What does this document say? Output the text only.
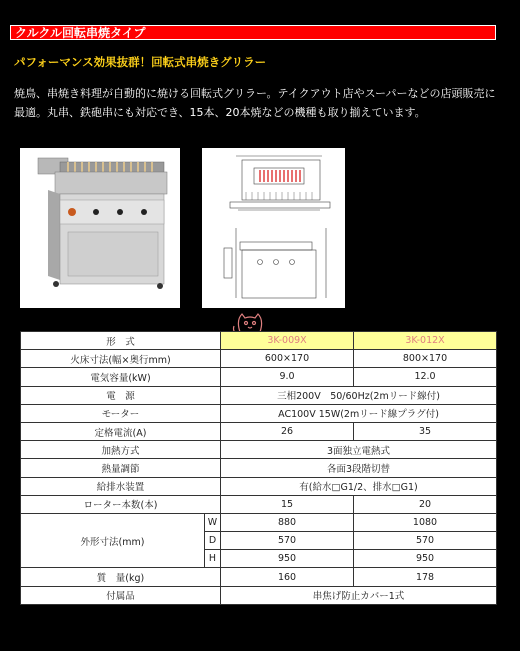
クルクル回転串焼タイプ
パフォーマンス効果抜群！回転式串焼きグリラー
焼鳥、串焼き料理が自動的に焼ける回転式グリラー。テイクアウト店やスーパーなどの店頭販売に最適。丸串、鉄砲串にも対応でき、15本、20本焼などの機種も取り揃えています。
形　式		3K-009X	3K-012X
火床寸法(幅×奥行mm)		600×170	800×170
電気容量(kW)		9.0	12.0
電　源		三相200V　50/60Hz(2mリード線付)	
モーター		AC100V 15W(2mリード線プラグ付)	
定格電流(A)		26	35
加熱方式		3面独立電熱式	
熱量調節		各面3段階切替	
給排水装置		有(給水□G1/2、排水□G1)	
ローター本数(本)		15	20
外形寸法(mm)	W	880	1080
	D	570	570
	H	950	950
質　量(kg)		160	178
付属品		串焦げ防止カバー1式	
